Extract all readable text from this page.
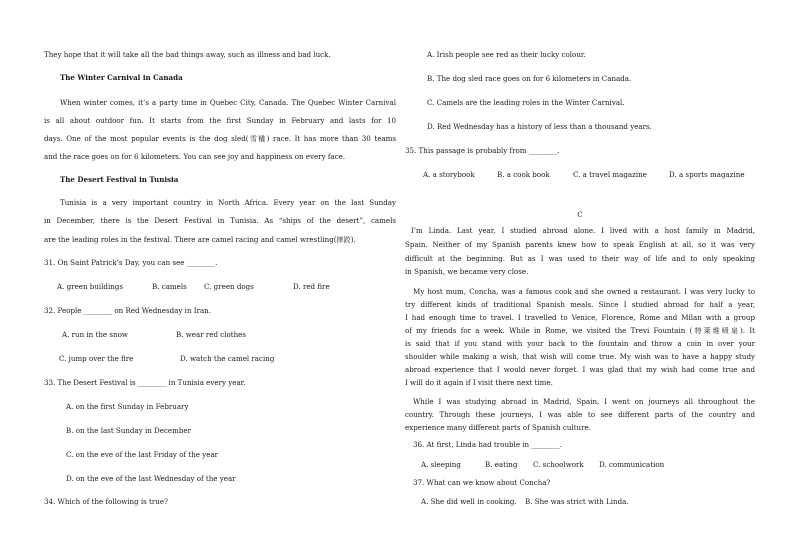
They hope that it will take all the bad things away, such as illness and bad luck.
The Winter Carnival in Canada
When winter comes, it’s a party time in Quebec City, Canada. The Quebec Winter Carnival
is all about outdoor fun. It starts from the first Sunday in February and lasts for 10
days. One of the most popular events is the dog sled(雪橇) race. It has more than 30 teams
and the race goes on for 6 kilometers. You can see joy and happiness on every face.
The Desert Festival in Tunisia
Tunisia is a very important country in North Africa. Every year on the last Sunday
in December, there is the Desert Festival in Tunisia. As “ships of the desert”, camels
are the leading roles in the festival. There are camel racing and camel wrestling(摔跤).
31. On Saint Patrick’s Day, you can see ________.
A. green buildings	B. camels C. green dogs	D. red fire
32. People ________ on Red Wednesday in Iran.
A. run in the snow	B. wear red clothes
C. jump over the fire	D. watch the camel racing
33. The Desert Festival is ________ in Tunisia every year.
A. on the first Sunday in February
B. on the last Sunday in December
C. on the eve of the last Friday of the year
D. on the eve of the last Wednesday of the year
34. Which of the following is true?
A. Irish people see red as their lucky colour.
B. The dog sled race goes on for 6 kilometers in Canada.
C. Camels are the leading roles in the Winter Carnival.
D. Red Wednesday has a history of less than a thousand years.
35. This passage is probably from ________.
A. a storybook	B. a cook book	C. a travel magazine	D. a sports magazine
C
I’m Linda. Last year, I studied abroad alone. I lived with a host family in Madrid,
Spain. Neither of my Spanish parents knew how to speak English at all, so it was very
difficult at the beginning. But as I was used to their way of life and to only speaking
in Spanish, we became very close.
My host mum, Concha, was a famous cook and she owned a restaurant. I was very lucky to
try different kinds of traditional Spanish meals. Since I studied abroad for half a year,
I had enough time to travel. I travelled to Venice, Florence, Rome and Milan with a group
of my friends for a week. While in Rome, we visited the Trevi Fountain (特莱维喷泉). It
is said that if you stand with your back to the fountain and throw a coin in over your
shoulder while making a wish, that wish will come true. My wish was to have a happy study
abroad experience that I would never forget. I was glad that my wish had come true and
I will do it again if I visit there next time.
While I was studying abroad in Madrid, Spain, I went on journeys all throughout the
country. Through these journeys, I was able to see different parts of the country and
experience many different parts of Spanish culture.
36. At first, Linda had trouble in ________.
A. sleeping	B. eating C. schoolwork D. communication
37. What can we know about Concha?
A. She did well in cooking. B. She was strict with Linda.
